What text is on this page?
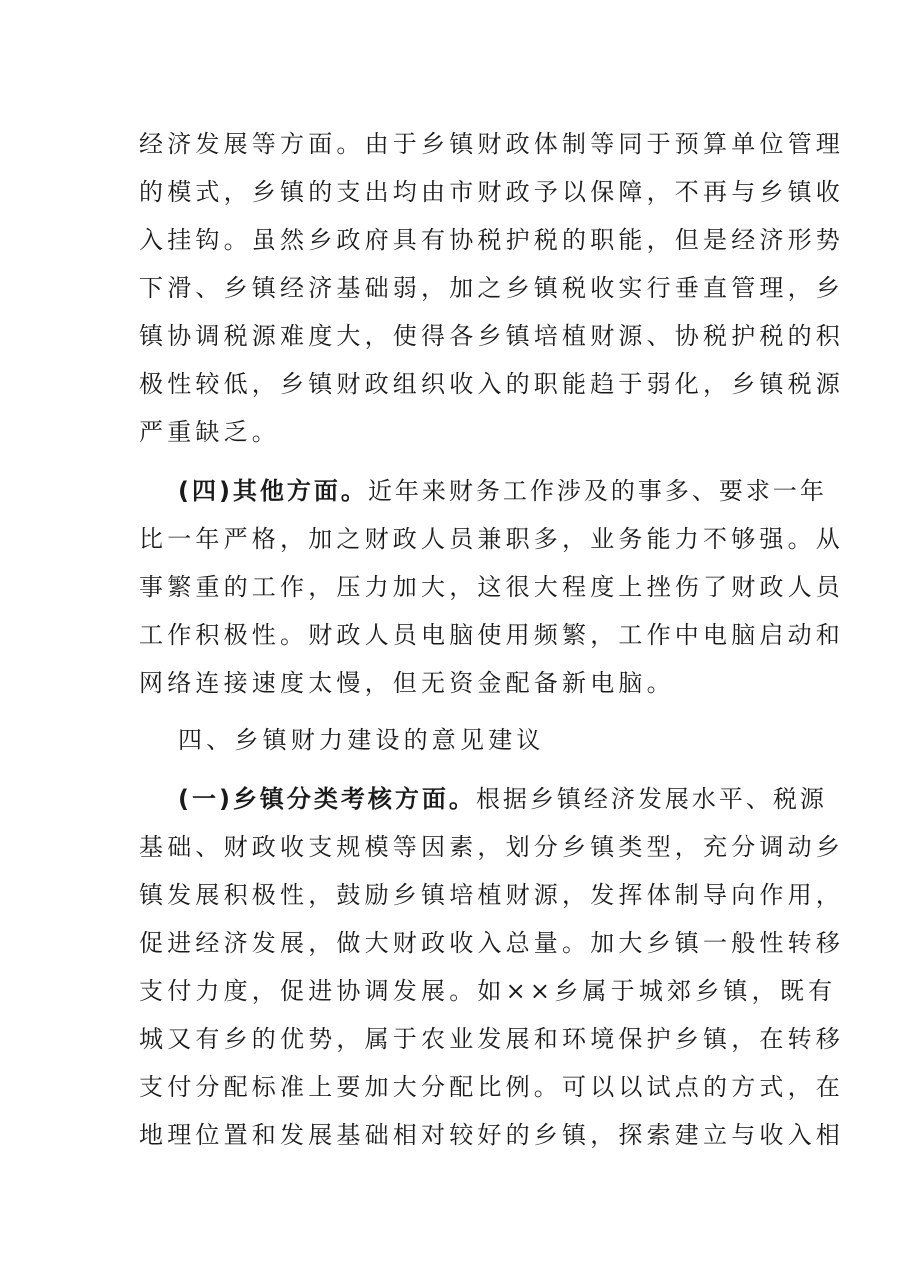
经济发展等方面。由于乡镇财政体制等同于预算单位管理
的模式，乡镇的支出均由市财政予以保障，不再与乡镇收
入挂钩。虽然乡政府具有协税护税的职能，但是经济形势
下滑、乡镇经济基础弱，加之乡镇税收实行垂直管理，乡
镇协调税源难度大，使得各乡镇培植财源、协税护税的积
极性较低，乡镇财政组织收入的职能趋于弱化，乡镇税源
严重缺乏。
(四)其他方面。近年来财务工作涉及的事多、要求一年
比一年严格，加之财政人员兼职多，业务能力不够强。从
事繁重的工作，压力加大，这很大程度上挫伤了财政人员
工作积极性。财政人员电脑使用频繁，工作中电脑启动和
网络连接速度太慢，但无资金配备新电脑。
四、乡镇财力建设的意见建议
(一)乡镇分类考核方面。根据乡镇经济发展水平、税源
基础、财政收支规模等因素，划分乡镇类型，充分调动乡
镇发展积极性，鼓励乡镇培植财源，发挥体制导向作用，
促进经济发展，做大财政收入总量。加大乡镇一般性转移
支付力度，促进协调发展。如××乡属于城郊乡镇，既有
城又有乡的优势，属于农业发展和环境保护乡镇，在转移
支付分配标准上要加大分配比例。可以以试点的方式，在
地理位置和发展基础相对较好的乡镇，探索建立与收入相
